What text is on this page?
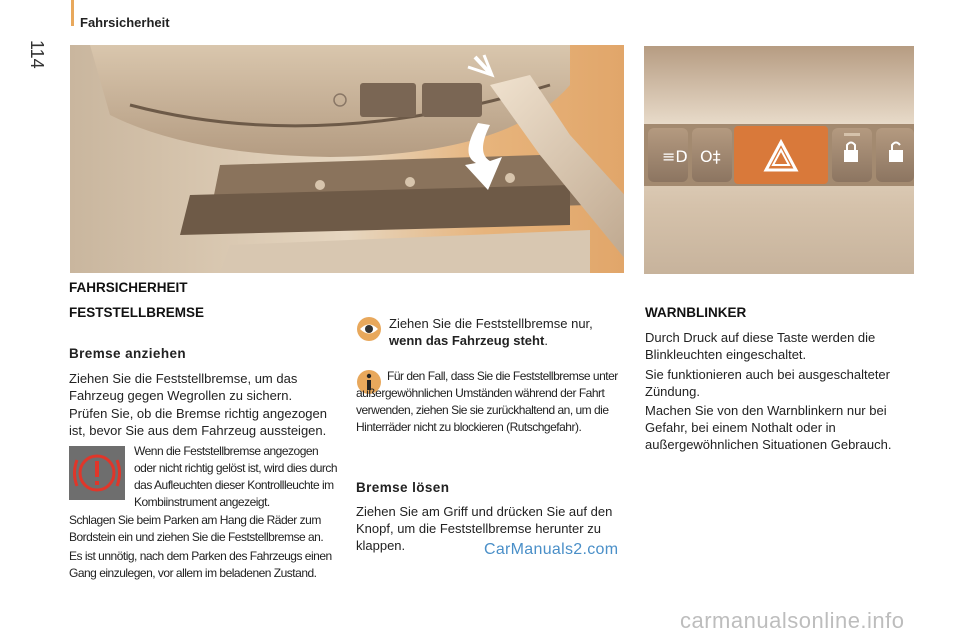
Fahrsicherheit
114
≡D O‡
FAHRSICHERHEIT
FESTSTELLBREMSE
Bremse anziehen

Ziehen Sie die Feststellbremse, um das Fahrzeug gegen Wegrollen zu sichern.

Prüfen Sie, ob die Bremse richtig angezogen ist, bevor Sie aus dem Fahrzeug aussteigen.

Wenn die Feststellbremse angezogen oder nicht richtig gelöst ist, wird dies durch das Aufleuchten dieser Kontrollleuchte im Kombiinstrument angezeigt.

Schlagen Sie beim Parken am Hang die Räder zum Bordstein ein und ziehen Sie die Feststellbremse an.

Es ist unnötig, nach dem Parken des Fahrzeugs einen Gang einzulegen, vor allem im beladenen Zustand.

Ziehen Sie die Feststellbremse nur, wenn das Fahrzeug steht.

Für den Fall, dass Sie die Feststellbremse unter außergewöhnlichen Umständen während der Fahrt verwenden, ziehen Sie sie zurückhaltend an, um die Hinterräder nicht zu blockieren (Rutschgefahr).

Bremse lösen

Ziehen Sie am Griff und drücken Sie auf den Knopf, um die Feststellbremse herunter zu klappen.

WARNBLINKER

Durch Druck auf diese Taste werden die Blinkleuchten eingeschaltet.

Sie funktionieren auch bei ausgeschalteter Zündung.

Machen Sie von den Warnblinkern nur bei Gefahr, bei einem Nothalt oder in außergewöhnlichen Situationen Gebrauch.

CarManuals2.com
carmanualsonline.info
